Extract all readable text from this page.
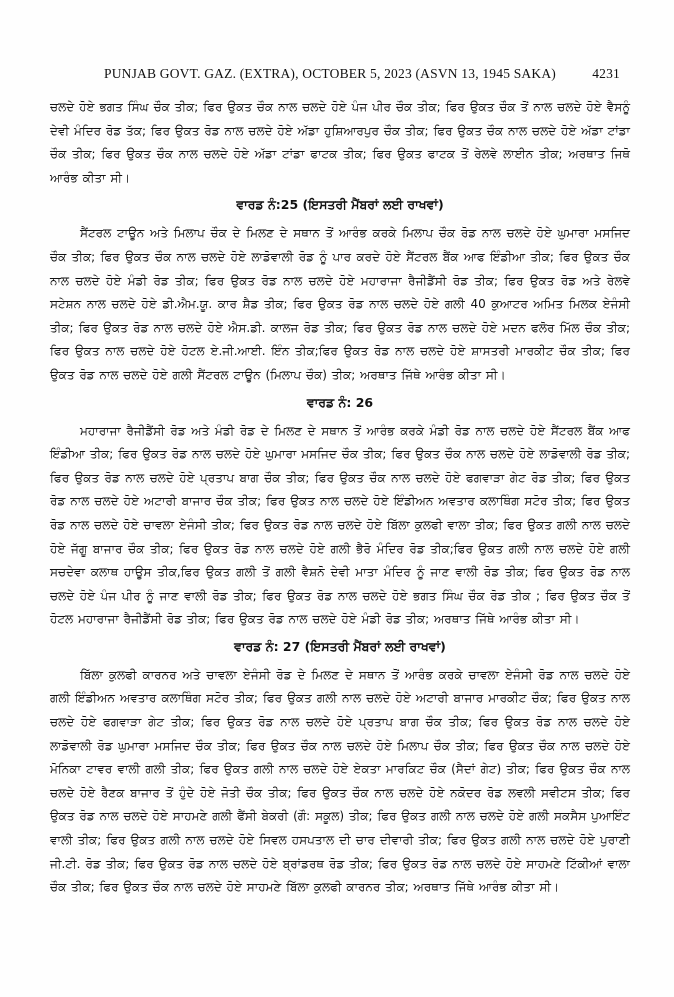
PUNJAB GOVT. GAZ. (EXTRA), OCTOBER 5, 2023 (ASVN 13, 1945 SAKA)	4231

ਚਲਦੇ ਹੋਏ ਭਗਤ ਸਿੰਘ ਚੌਕ ਤੀਕ; ਫਿਰ ਉਕਤ ਚੌਕ ਨਾਲ ਚਲਦੇ ਹੋਏ ਪੰਜ ਪੀਰ ਚੌਕ ਤੀਕ; ਫਿਰ ਉਕਤ ਚੌਕ ਤੋਂ ਨਾਲ ਚਲਦੇ ਹੋਏ ਵੈਸਨੂੰ ਦੇਵੀ ਮੰਦਿਰ ਰੋਡ ਤੱਕ; ਫਿਰ ਉਕਤ ਰੋਡ ਨਾਲ ਚਲਦੇ ਹੋਏ ਅੱਡਾ ਹੁਸ਼ਿਆਰਪੁਰ ਚੌਕ ਤੀਕ; ਫਿਰ ਉਕਤ ਚੌਕ ਨਾਲ ਚਲਦੇ ਹੋਏ ਅੱਡਾ ਟਾਂਡਾ ਚੌਕ ਤੀਕ; ਫਿਰ ਉਕਤ ਚੌਕ ਨਾਲ ਚਲਦੇ ਹੋਏ ਅੱਡਾ ਟਾਂਡਾ ਫਾਟਕ ਤੀਕ; ਫਿਰ ਉਕਤ ਫਾਟਕ ਤੋਂ ਰੇਲਵੇ ਲਾਈਨ ਤੀਕ; ਅਰਥਾਤ ਜਿਥੋ ਆਰੰਭ ਕੀਤਾ ਸੀ।

ਵਾਰਡ ਨੰ:25 (ਇਸਤਰੀ ਮੈਂਬਰਾਂ ਲਈ ਰਾਖਵਾਂ)

ਸੈਂਟਰਲ ਟਾਊਨ ਅਤੇ ਮਿਲਾਪ ਚੌਕ ਦੇ ਮਿਲਣ ਦੇ ਸਥਾਨ ਤੋਂ ਆਰੰਭ ਕਰਕੇ ਮਿਲਾਪ ਚੌਕ ਰੋਡ ਨਾਲ ਚਲਦੇ ਹੋਏ ਘੁਮਾਰਾ ਮਸਜਿਦ ਚੌਕ ਤੀਕ; ਫਿਰ ਉਕਤ ਚੌਕ ਨਾਲ ਚਲਦੇ ਹੋਏ ਲਾਡੋਵਾਲੀ ਰੋਡ ਨੂੰ ਪਾਰ ਕਰਦੇ ਹੋਏ ਸੈਂਟਰਲ ਬੈਂਕ ਆਫ ਇੰਡੀਆ ਤੀਕ; ਫਿਰ ਉਕਤ ਚੌਕ ਨਾਲ ਚਲਦੇ ਹੋਏ ਮੰਡੀ ਰੋਡ ਤੀਕ; ਫਿਰ ਉਕਤ ਰੋਡ ਨਾਲ ਚਲਦੇ ਹੋਏ ਮਹਾਰਾਜਾ ਰੈਜੀਡੈਂਸੀ ਰੋਡ ਤੀਕ; ਫਿਰ ਉਕਤ ਰੋਡ ਅਤੇ ਰੇਲਵੇ ਸਟੇਸ਼ਨ ਨਾਲ ਚਲਦੇ ਹੋਏ ਡੀ.ਐਮ.ਯੂ. ਕਾਰ ਸ਼ੈਡ ਤੀਕ; ਫਿਰ ਉਕਤ ਰੋਡ ਨਾਲ ਚਲਦੇ ਹੋਏ ਗਲੀ 40 ਕੁਆਟਰ ਅਮਿਤ ਮਿਲਕ ਏਜੰਸੀ ਤੀਕ; ਫਿਰ ਉਕਤ ਰੋਡ ਨਾਲ ਚਲਦੇ ਹੋਏ ਐਸ.ਡੀ. ਕਾਲਜ ਰੋਡ ਤੀਕ; ਫਿਰ ਉਕਤ ਰੋਡ ਨਾਲ ਚਲਦੇ ਹੋਏ ਮਦਨ ਫਲੋਰ ਮਿੱਲ ਚੌਕ ਤੀਕ; ਫਿਰ ਉਕਤ ਨਾਲ ਚਲਦੇ ਹੋਏ ਹੋਟਲ ਏ.ਜੀ.ਆਈ. ਇੰਨ ਤੀਕ;ਫਿਰ ਉਕਤ ਰੋਡ ਨਾਲ ਚਲਦੇ ਹੋਏ ਸ਼ਾਸਤਰੀ ਮਾਰਕੀਟ ਚੌਕ ਤੀਕ; ਫਿਰ ਉਕਤ ਰੋਡ ਨਾਲ ਚਲਦੇ ਹੋਏ ਗਲੀ ਸੈਂਟਰਲ ਟਾਊਨ (ਮਿਲਾਪ ਚੌਕ) ਤੀਕ; ਅਰਥਾਤ ਜਿੱਥੇ ਆਰੰਭ ਕੀਤਾ ਸੀ।

ਵਾਰਡ ਨੰ: 26

ਮਹਾਰਾਜਾ ਰੈਜੀਡੈਂਸੀ ਰੋਡ ਅਤੇ ਮੰਡੀ ਰੋਡ ਦੇ ਮਿਲਣ ਦੇ ਸਥਾਨ ਤੋਂ ਆਰੰਭ ਕਰਕੇ ਮੰਡੀ ਰੋਡ ਨਾਲ ਚਲਦੇ ਹੋਏ ਸੈਂਟਰਲ ਬੈਂਕ ਆਫ ਇੰਡੀਆ ਤੀਕ; ਫਿਰ ਉਕਤ ਰੋਡ ਨਾਲ ਚਲਦੇ ਹੋਏ ਘੁਮਾਰਾ ਮਸਜਿਦ ਚੌਕ ਤੀਕ; ਫਿਰ ਉਕਤ ਚੌਕ ਨਾਲ ਚਲਦੇ ਹੋਏ ਲਾਡੋਵਾਲੀ ਰੋਡ ਤੀਕ; ਫਿਰ ਉਕਤ ਰੋਡ ਨਾਲ ਚਲਦੇ ਹੋਏ ਪ੍ਰਤਾਪ ਬਾਗ ਚੌਕ ਤੀਕ; ਫਿਰ ਉਕਤ ਚੌਕ ਨਾਲ ਚਲਦੇ ਹੋਏ ਫਗਵਾੜਾ ਗੇਟ ਰੋਡ ਤੀਕ; ਫਿਰ ਉਕਤ ਰੋਡ ਨਾਲ ਚਲਦੇ ਹੋਏ ਅਟਾਰੀ ਬਾਜਾਰ ਚੌਕ ਤੀਕ; ਫਿਰ ਉਕਤ ਨਾਲ ਚਲਦੇ ਹੋਏ ਇੰਡੀਅਨ ਅਵਤਾਰ ਕਲਾਥਿੰਗ ਸਟੋਰ ਤੀਕ; ਫਿਰ ਉਕਤ ਰੋਡ ਨਾਲ ਚਲਦੇ ਹੋਏ ਚਾਵਲਾ ਏਜੰਸੀ ਤੀਕ; ਫਿਰ ਉਕਤ ਰੋਡ ਨਾਲ ਚਲਦੇ ਹੋਏ ਬਿੱਲਾ ਕੁਲਫੀ ਵਾਲਾ ਤੀਕ; ਫਿਰ ਉਕਤ ਗਲੀ ਨਾਲ ਚਲਦੇ ਹੋਏ ਜੱਗੂ ਬਾਜਾਰ ਚੌਕ ਤੀਕ; ਫਿਰ ਉਕਤ ਰੋਡ ਨਾਲ ਚਲਦੇ ਹੋਏ ਗਲੀ ਭੈਰੋ ਮੰਦਿਰ ਰੋਡ ਤੀਕ;ਫਿਰ ਉਕਤ ਗਲੀ ਨਾਲ ਚਲਦੇ ਹੋਏ ਗਲੀ ਸਚਦੇਵਾ ਕਲਾਥ ਹਾਊਸ ਤੀਕ,ਫਿਰ ਉਕਤ ਗਲੀ ਤੋਂ ਗਲੀ ਵੈਸ਼ਨੋ ਦੇਵੀ ਮਾਤਾ ਮੰਦਿਰ ਨੂੰ ਜਾਣ ਵਾਲੀ ਰੋਡ ਤੀਕ; ਫਿਰ ਉਕਤ ਰੋਡ ਨਾਲ ਚਲਦੇ ਹੋਏ ਪੰਜ ਪੀਰ ਨੂੰ ਜਾਣ ਵਾਲੀ ਰੋਡ ਤੀਕ; ਫਿਰ ਉਕਤ ਰੋਡ ਨਾਲ ਚਲਦੇ ਹੋਏ ਭਗਤ ਸਿੰਘ ਚੌਕ ਰੋਡ ਤੀਕ ; ਫਿਰ ਉਕਤ ਚੌਕ ਤੋਂ ਹੋਟਲ ਮਹਾਰਾਜਾ ਰੈਜੀਡੈਂਸੀ ਰੋਡ ਤੀਕ; ਫਿਰ ਉਕਤ ਰੋਡ ਨਾਲ ਚਲਦੇ ਹੋਏ ਮੰਡੀ ਰੋਡ ਤੀਕ; ਅਰਥਾਤ ਜਿੱਥੇ ਆਰੰਭ ਕੀਤਾ ਸੀ।

ਵਾਰਡ ਨੰ: 27 (ਇਸਤਰੀ ਮੈਂਬਰਾਂ ਲਈ ਰਾਖਵਾਂ)

ਬਿੱਲਾ ਕੁਲਫੀ ਕਾਰਨਰ ਅਤੇ ਚਾਵਲਾ ਏਜੰਸੀ ਰੋਡ ਦੇ ਮਿਲਣ ਦੇ ਸਥਾਨ ਤੋਂ ਆਰੰਭ ਕਰਕੇ ਚਾਵਲਾ ਏਜੰਸੀ ਰੋਡ ਨਾਲ ਚਲਦੇ ਹੋਏ ਗਲੀ ਇੰਡੀਅਨ ਅਵਤਾਰ ਕਲਾਥਿੰਗ ਸਟੋਰ ਤੀਕ; ਫਿਰ ਉਕਤ ਗਲੀ ਨਾਲ ਚਲਦੇ ਹੋਏ ਅਟਾਰੀ ਬਾਜਾਰ ਮਾਰਕੀਟ ਚੌਕ; ਫਿਰ ਉਕਤ ਨਾਲ ਚਲਦੇ ਹੋਏ ਫਗਵਾੜਾ ਗੇਟ ਤੀਕ; ਫਿਰ ਉਕਤ ਰੋਡ ਨਾਲ ਚਲਦੇ ਹੋਏ ਪ੍ਰਤਾਪ ਬਾਗ ਚੌਕ ਤੀਕ; ਫਿਰ ਉਕਤ ਰੋਡ ਨਾਲ ਚਲਦੇ ਹੋਏ ਲਾਡੋਵਾਲੀ ਰੋਡ ਘੁਮਾਰਾ ਮਸਜਿਦ ਚੌਕ ਤੀਕ; ਫਿਰ ਉਕਤ ਚੌਕ ਨਾਲ ਚਲਦੇ ਹੋਏ ਮਿਲਾਪ ਚੌਕ ਤੀਕ; ਫਿਰ ਉਕਤ ਚੌਕ ਨਾਲ ਚਲਦੇ ਹੋਏ ਮੋਨਿਕਾ ਟਾਵਰ ਵਾਲੀ ਗਲੀ ਤੀਕ; ਫਿਰ ਉਕਤ ਗਲੀ ਨਾਲ ਚਲਦੇ ਹੋਏ ਏਕਤਾ ਮਾਰਕਿਟ ਚੌਕ (ਸੈਦਾਂ ਗੇਟ) ਤੀਕ; ਫਿਰ ਉਕਤ ਚੌਕ ਨਾਲ ਚਲਦੇ ਹੋਏ ਰੈਣਕ ਬਾਜਾਰ ਤੋਂ ਹੁੰਦੇ ਹੋਏ ਜੋਤੀ ਚੌਕ ਤੀਕ; ਫਿਰ ਉਕਤ ਚੌਕ ਨਾਲ ਚਲਦੇ ਹੋਏ ਨਕੋਦਰ ਰੋਡ ਲਵਲੀ ਸਵੀਟਸ ਤੀਕ; ਫਿਰ ਉਕਤ ਰੋਡ ਨਾਲ ਚਲਦੇ ਹੋਏ ਸਾਹਮਣੇ ਗਲੀ ਫੈਂਸੀ ਬੇਕਰੀ (ਗੌ: ਸਕੂਲ) ਤੀਕ; ਫਿਰ ਉਕਤ ਗਲੀ ਨਾਲ ਚਲਦੇ ਹੋਏ ਗਲੀ ਸਕਸੈਸ ਪੁਆਇੰਟ ਵਾਲੀ ਤੀਕ; ਫਿਰ ਉਕਤ ਗਲੀ ਨਾਲ ਚਲਦੇ ਹੋਏ ਸਿਵਲ ਹਸਪਤਾਲ ਦੀ ਚਾਰ ਦੀਵਾਰੀ ਤੀਕ; ਫਿਰ ਉਕਤ ਗਲੀ ਨਾਲ ਚਲਦੇ ਹੋਏ ਪੁਰਾਣੀ ਜੀ.ਟੀ. ਰੋਡ ਤੀਕ; ਫਿਰ ਉਕਤ ਰੋਡ ਨਾਲ ਚਲਦੇ ਹੋਏ ਬ੍ਰਾਂਡਰਥ ਰੋਡ ਤੀਕ; ਫਿਰ ਉਕਤ ਰੋਡ ਨਾਲ ਚਲਦੇ ਹੋਏ ਸਾਹਮਣੇ ਟਿੱਕੀਆਂ ਵਾਲਾ ਚੌਕ ਤੀਕ; ਫਿਰ ਉਕਤ ਚੌਕ ਨਾਲ ਚਲਦੇ ਹੋਏ ਸਾਹਮਣੇ ਬਿੱਲਾ ਕੁਲਫੀ ਕਾਰਨਰ ਤੀਕ; ਅਰਥਾਤ ਜਿੱਥੇ ਆਰੰਭ ਕੀਤਾ ਸੀ।
